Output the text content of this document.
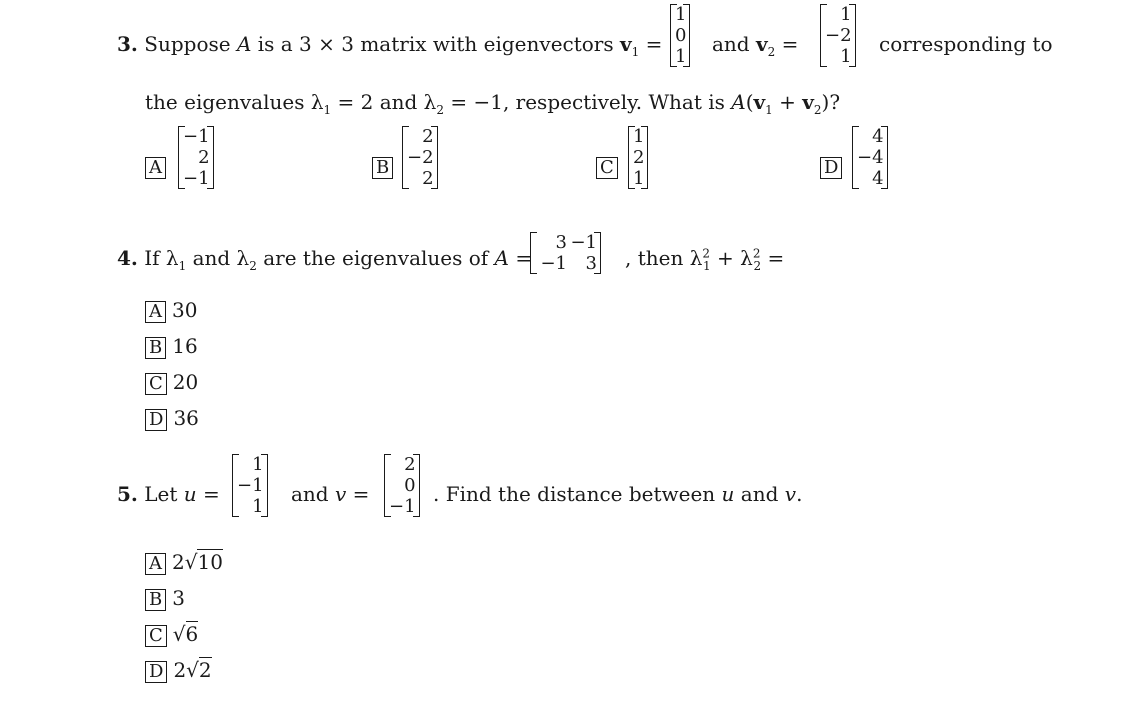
3. Suppose A is a 3 × 3 matrix with eigenvectors $v_1$ =
1
0
1
and $v_2$ =
1
−2
1
corresponding to
the eigenvalues $\lambda_1 = 2$ and $\lambda_2 = -1$, respectively. What is $A(v_1 + v_2)$?
A
−1
2
−1
B
2
−2
2
C
1
2
1
D
4
−4
4
4. If $\lambda_1$ and $\lambda_2$ are the eigenvalues of A =
3 −1
−1 3 , then $\lambda^2_1 + \lambda^2_2$ =
A 30
B 16
C 20
D 36
5. Let u =
1
−1
1
and v =
2
0
−1
. Find the distance between u and v.
A 2√10
B 3
C √6
D 2√2
